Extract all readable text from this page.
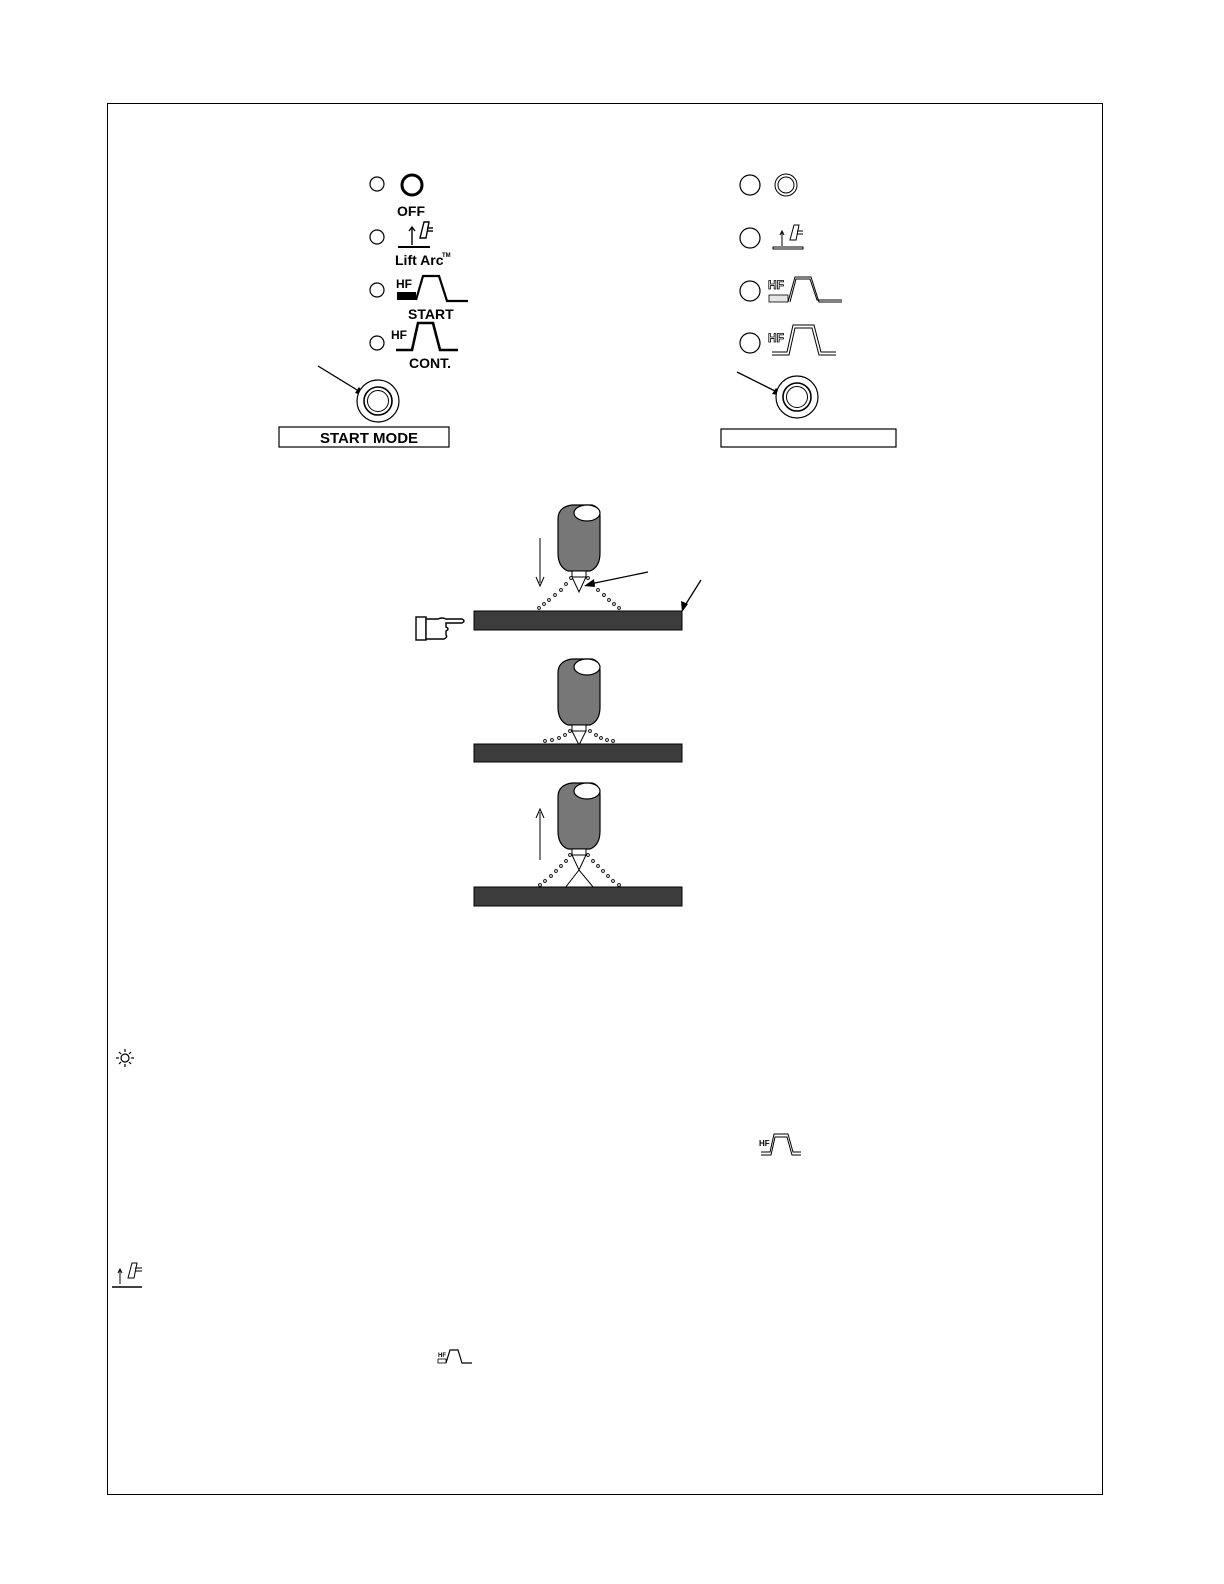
OFF
Lift Arc
TM
HF
START
HF
CONT.
START MODE
HF
HF
HF
HF
